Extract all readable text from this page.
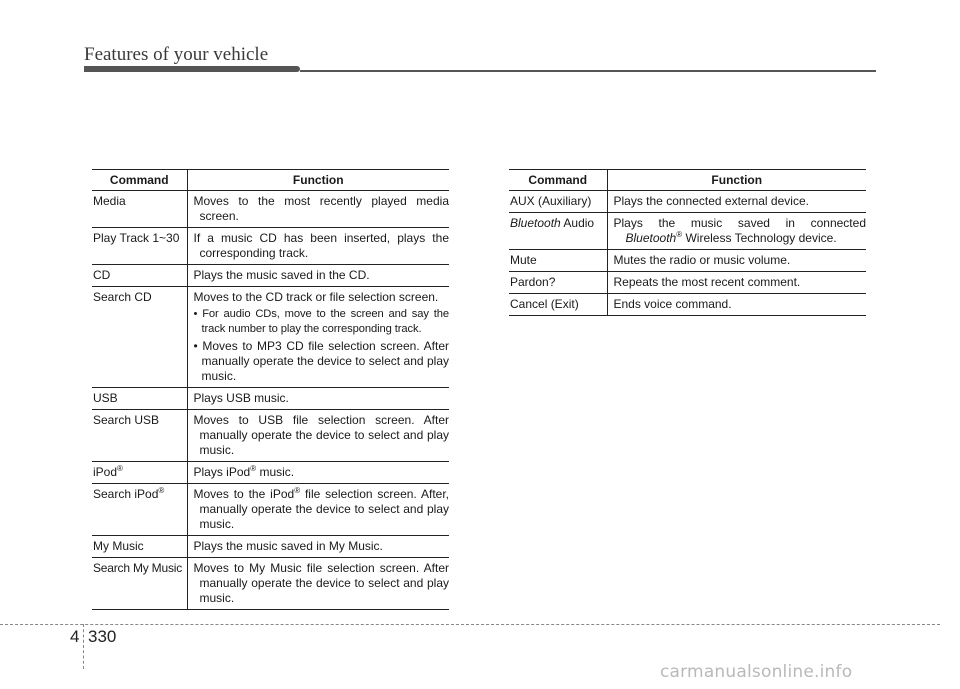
Features of your vehicle
Command	Function
Media	Moves to the most recently played media screen.

Play Track 1~30	If a music CD has been inserted, plays the corresponding track.

CD	Plays the music saved in the CD.

Search CD	Moves to the CD track or file selection screen.
• For audio CDs, move to the screen and say the track number to play the corresponding track.
• Moves to MP3 CD file selection screen. After manually operate the device to select and play music.

USB	Plays USB music.

Search USB	Moves to USB file selection screen. After manually operate the device to select and play music.

iPod®	Plays iPod® music.

Search iPod®	Moves to the iPod® file selection screen. After, manually operate the device to select and play music.

My Music	Plays the music saved in My Music.

Search My Music	Moves to My Music file selection screen. After manually operate the device to select and play music.
Command	Function
AUX (Auxiliary)	Plays the connected external device.

Bluetooth Audio	Plays the music saved in connected
Bluetooth® Wireless Technology device.

Mute	Mutes the radio or music volume.

Pardon?	Repeats the most recent comment.

Cancel (Exit)	Ends voice command.
4 330
carmanualsonline.info
